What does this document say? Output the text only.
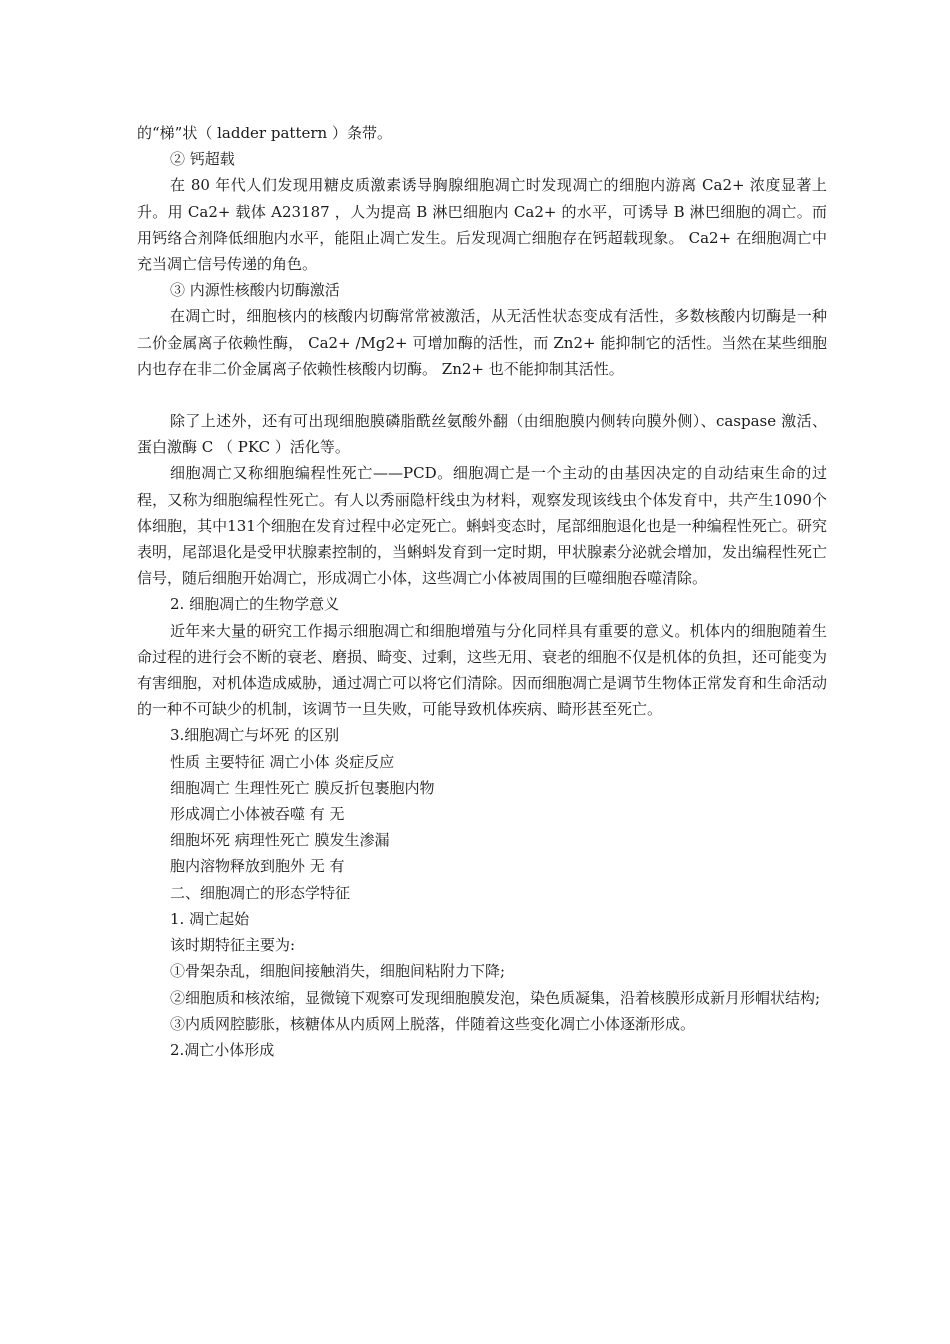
的“梯”状（ ladder pattern ）条带。

② 钙超载

在 80 年代人们发现用糖皮质激素诱导胸腺细胞凋亡时发现凋亡的细胞内游离 Ca2+ 浓度显著上升。用 Ca2+ 载体 A23187 ，人为提高 B 淋巴细胞内 Ca2+ 的水平，可诱导 B 淋巴细胞的凋亡。而用钙络合剂降低细胞内水平，能阻止凋亡发生。后发现凋亡细胞存在钙超载现象。 Ca2+ 在细胞凋亡中充当凋亡信号传递的角色。

③ 内源性核酸内切酶激活

在凋亡时，细胞核内的核酸内切酶常常被激活，从无活性状态变成有活性，多数核酸内切酶是一种二价金属离子依赖性酶， Ca2+ /Mg2+ 可增加酶的活性，而 Zn2+ 能抑制它的活性。当然在某些细胞内也存在非二价金属离子依赖性核酸内切酶。 Zn2+ 也不能抑制其活性。

除了上述外，还有可出现细胞膜磷脂酰丝氨酸外翻（由细胞膜内侧转向膜外侧）、caspase 激活、蛋白激酶 C （ PKC ）活化等。

细胞凋亡又称细胞编程性死亡——PCD。细胞凋亡是一个主动的由基因决定的自动结束生命的过程，又称为细胞编程性死亡。有人以秀丽隐杆线虫为材料，观察发现该线虫个体发育中，共产生1090个体细胞，其中131个细胞在发育过程中必定死亡。蝌蚪变态时，尾部细胞退化也是一种编程性死亡。研究表明，尾部退化是受甲状腺素控制的，当蝌蚪发育到一定时期，甲状腺素分泌就会增加，发出编程性死亡信号，随后细胞开始凋亡，形成凋亡小体，这些凋亡小体被周围的巨噬细胞吞噬清除。

2. 细胞凋亡的生物学意义

近年来大量的研究工作揭示细胞凋亡和细胞增殖与分化同样具有重要的意义。机体内的细胞随着生命过程的进行会不断的衰老、磨损、畸变、过剩，这些无用、衰老的细胞不仅是机体的负担，还可能变为有害细胞，对机体造成威胁，通过凋亡可以将它们清除。因而细胞凋亡是调节生物体正常发育和生命活动的一种不可缺少的机制，该调节一旦失败，可能导致机体疾病、畸形甚至死亡。

3.细胞凋亡与坏死 的区别

性质 主要特征 凋亡小体 炎症反应

细胞凋亡 生理性死亡 膜反折包裹胞内物

形成凋亡小体被吞噬 有 无

细胞坏死 病理性死亡 膜发生渗漏

胞内溶物释放到胞外 无 有

二、细胞凋亡的形态学特征

1. 凋亡起始

该时期特征主要为:

①骨架杂乱，细胞间接触消失，细胞间粘附力下降;

②细胞质和核浓缩，显微镜下观察可发现细胞膜发泡，染色质凝集，沿着核膜形成新月形帽状结构;

③内质网腔膨胀，核糖体从内质网上脱落，伴随着这些变化凋亡小体逐渐形成。

2.凋亡小体形成
